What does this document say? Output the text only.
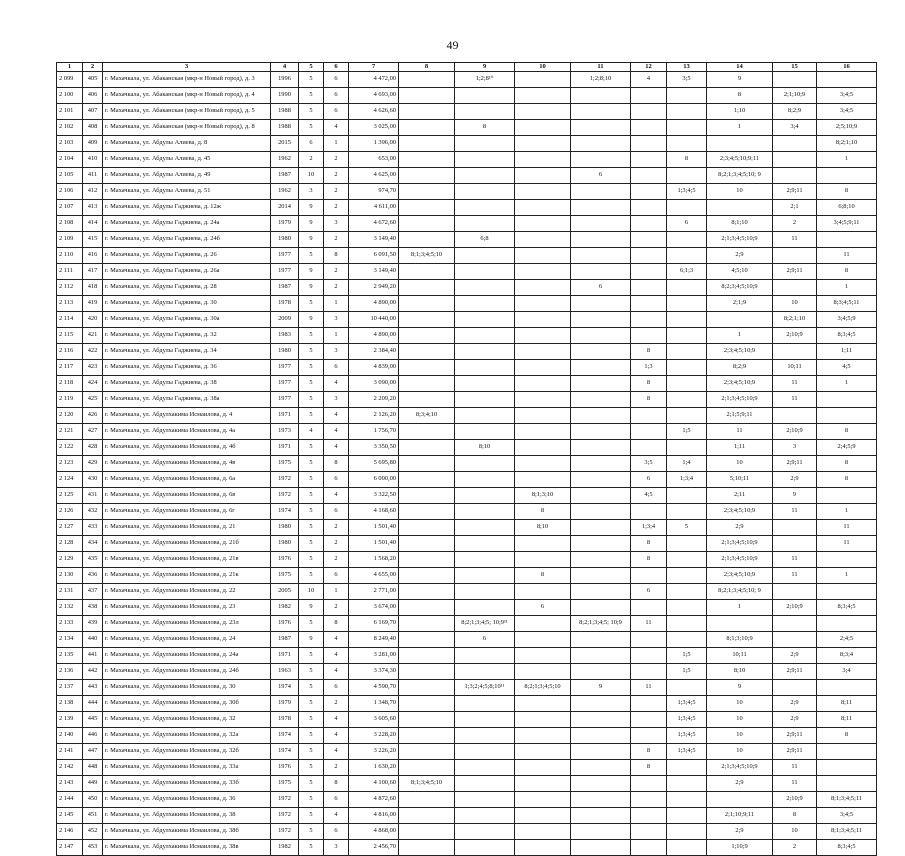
49
1	2	3	4	5	6	7	8	9	10	11	12	13	14	15	16
2 099	405	г. Махачкала, ул. Абаканская (мкр-н Новый город), д. 3	1996	5	6	4 472,00		1;2;8¹⁰		1;2;8;10	4	3;5	9		
2 100	406	г. Махачкала, ул. Абаканская (мкр-н Новый город), д. 4	1990	5	6	4 693,00							8	2;1;10;9	3;4;5
2 101	407	г. Махачкала, ул. Абаканская (мкр-н Новый город), д. 5	1988	5	6	4 626,60							1;10	8;2;9	3;4;5
2 102	408	г. Махачкала, ул. Абаканская (мкр-н Новый город), д. 8	1988	5	4	3 025,00		8					1	3;4	2;5;10;9
2 103	409	г. Махачкала, ул. Абдулы Алиева, д. 8	2015	6	1	1 396,00									8;2;1;10
2 104	410	г. Махачкала, ул. Абдулы Алиева, д. 45	1962	2	2	653,00						8	2;3;4;5;10;9;11		1
2 105	411	г. Махачкала, ул. Абдулы Алиева, д. 49	1987	10	2	4 625,00				6			8;2;1;3;4;5;10; 9		
2 106	412	г. Махачкала, ул. Абдулы Алиева, д. 51	1962	3	2	974,70						1;3;4;5	10	2;9;11	8
2 107	413	г. Махачкала, ул. Абдулы Гаджиева, д. 12ж	2014	9	2	4 611,00								2;1	6;8;10
2 108	414	г. Махачкала, ул. Абдулы Гаджиева, д. 24а	1979	9	3	4 672,60						6	8;1;10	2	3;4;5;9;11
2 109	415	г. Махачкала, ул. Абдулы Гаджиева, д. 24б	1980	9	2	3 149,40		6;8					2;1;3;4;5;10;9	11	
2 110	416	г. Махачкала, ул. Абдулы Гаджиева, д. 26	1977	5	8	6 091,50	8;1;3;4;5;10						2;9		11
2 111	417	г. Махачкала, ул. Абдулы Гаджиева, д. 26а	1977	9	2	3 149,40						6;1;3	4;5;10	2;9;11	8
2 112	418	г. Махачкала, ул. Абдулы Гаджиева, д. 28	1987	9	2	2 949,20				6			8;2;3;4;5;10;9		1
2 113	419	г. Махачкала, ул. Абдулы Гаджиева, д. 30	1978	5	1	4 890,00							2;1;9	10	8;3;4;5;11
2 114	420	г. Махачкала, ул. Абдулы Гаджиева, д. 30а	2009	9	3	10 440,00								8;2;1;10	3;4;5;9
2 115	421	г. Махачкала, ул. Абдулы Гаджиева, д. 32	1983	5	1	4 890,00							1	2;10;9	8;3;4;5
2 116	422	г. Махачкала, ул. Абдулы Гаджиева, д. 34	1980	5	3	2 384,40					8		2;3;4;5;10;9		1;11
2 117	423	г. Махачкала, ул. Абдулы Гаджиева, д. 36	1977	5	6	4 839,00					1;3		8;2;9	10;11	4;5
2 118	424	г. Махачкала, ул. Абдулы Гаджиева, д. 38	1977	5	4	3 090,00					8		2;3;4;5;10;9	11	1
2 119	425	г. Махачкала, ул. Абдулы Гаджиева, д. 38а	1977	5	3	2 209,20					8		2;1;3;4;5;10;9	11	
2 120	426	г. Махачкала, ул. Абдулхакима Исмаилова, д. 4	1971	5	4	2 126,20	8;3;4;10						2;1;5;9;11		
2 121	427	г. Махачкала, ул. Абдулхакима Исмаилова, д. 4а	1973	4	4	1 756,70						1;5	11	2;10;9	8
2 122	428	г. Махачкала, ул. Абдулхакима Исмаилова, д. 4б	1971	5	4	3 350,50		8;10					1;11	3	2;4;5;9
2 123	429	г. Махачкала, ул. Абдулхакима Исмаилова, д. 4в	1975	5	8	5 695,80					3;5	1;4	10	2;9;11	8
2 124	430	г. Махачкала, ул. Абдулхакима Исмаилова, д. 6а	1972	5	6	6 000,00					6	1;3;4	5;10;11	2;9	8
2 125	431	г. Махачкала, ул. Абдулхакима Исмаилова, д. 6в	1972	5	4	3 322,50			8;1;3;10		4;5		2;11	9	
2 126	432	г. Махачкала, ул. Абдулхакима Исмаилова, д. 6г	1974	5	6	4 168,60			8				2;3;4;5;10;9	11	1
2 127	433	г. Махачкала, ул. Абдулхакима Исмаилова, д. 21	1980	5	2	1 501,40			8;10		1;3;4	5	2;9		11
2 128	434	г. Махачкала, ул. Абдулхакима Исмаилова, д. 21б	1980	5	2	1 501,40					8		2;1;3;4;5;10;9		11
2 129	435	г. Махачкала, ул. Абдулхакима Исмаилова, д. 21в	1976	5	2	1 568,20					8		2;1;3;4;5;10;9	11	
2 130	436	г. Махачкала, ул. Абдулхакима Исмаилова, д. 21к	1975	5	6	4 655,00			8				2;3;4;5;10;9	11	1
2 131	437	г. Махачкала, ул. Абдулхакима Исмаилова, д. 22	2005	10	1	2 771,00					6		8;2;1;3;4;5;10; 9		
2 132	438	г. Махачкала, ул. Абдулхакима Исмаилова, д. 23	1982	9	2	3 674,00			6				1	2;10;9	8;3;4;5
2 133	439	г. Махачкала, ул. Абдулхакима Исмаилова, д. 23л	1976	5	8	6 169,70		8;2;1;3;4;5; 10;9¹¹		8;2;1;3;4;5; 10;9	11				
2 134	440	г. Махачкала, ул. Абдулхакима Исмаилова, д. 24	1987	9	4	8 249,40		6					8;1;3;10;9		2;4;5
2 135	441	г. Махачкала, ул. Абдулхакима Исмаилова, д. 24а	1971	5	4	3 281,00						1;5	10;11	2;9	8;3;4
2 136	442	г. Махачкала, ул. Абдулхакима Исмаилова, д. 24б	1963	5	4	3 374,30						1;5	8;10	2;9;11	3;4
2 137	443	г. Махачкала, ул. Абдулхакима Исмаилова, д. 30	1974	5	6	4 590,70		1;3;2;4;5;8;10¹¹	8;2;1;3;4;5;10	9	11		9		
2 138	444	г. Махачкала, ул. Абдулхакима Исмаилова, д. 30б	1979	5	2	1 348,70						1;3;4;5	10	2;9	8;11
2 139	445	г. Махачкала, ул. Абдулхакима Исмаилова, д. 32	1978	5	4	3 605,60						1;3;4;5	10	2;9	8;11
2 140	446	г. Махачкала, ул. Абдулхакима Исмаилова, д. 32а	1974	5	4	3 228,20						1;3;4;5	10	2;9;11	8
2 141	447	г. Махачкала, ул. Абдулхакима Исмаилова, д. 32б	1974	5	4	3 226,20					8	1;3;4;5	10	2;9;11	
2 142	448	г. Махачкала, ул. Абдулхакима Исмаилова, д. 33а	1976	5	2	1 630,20					8		2;1;3;4;5;10;9	11	
2 143	449	г. Махачкала, ул. Абдулхакима Исмаилова, д. 33б	1975	5	8	4 100,60	8;1;3;4;5;10						2;9	11	
2 144	450	г. Махачкала, ул. Абдулхакима Исмаилова, д. 36	1972	5	6	4 872,60								2;10;9	8;1;3;4;5;11
2 145	451	г. Махачкала, ул. Абдулхакима Исмаилова, д. 38	1972	5	4	4 816,00							2;1;10;9;11	8	3;4;5
2 146	452	г. Махачкала, ул. Абдулхакима Исмаилова, д. 38б	1972	5	6	4 868,00							2;9	10	8;1;3;4;5;11
2 147	453	г. Махачкала, ул. Абдулхакима Исмаилова, д. 38в	1982	5	3	2 456,70							1;10;9	2	8;3;4;5
